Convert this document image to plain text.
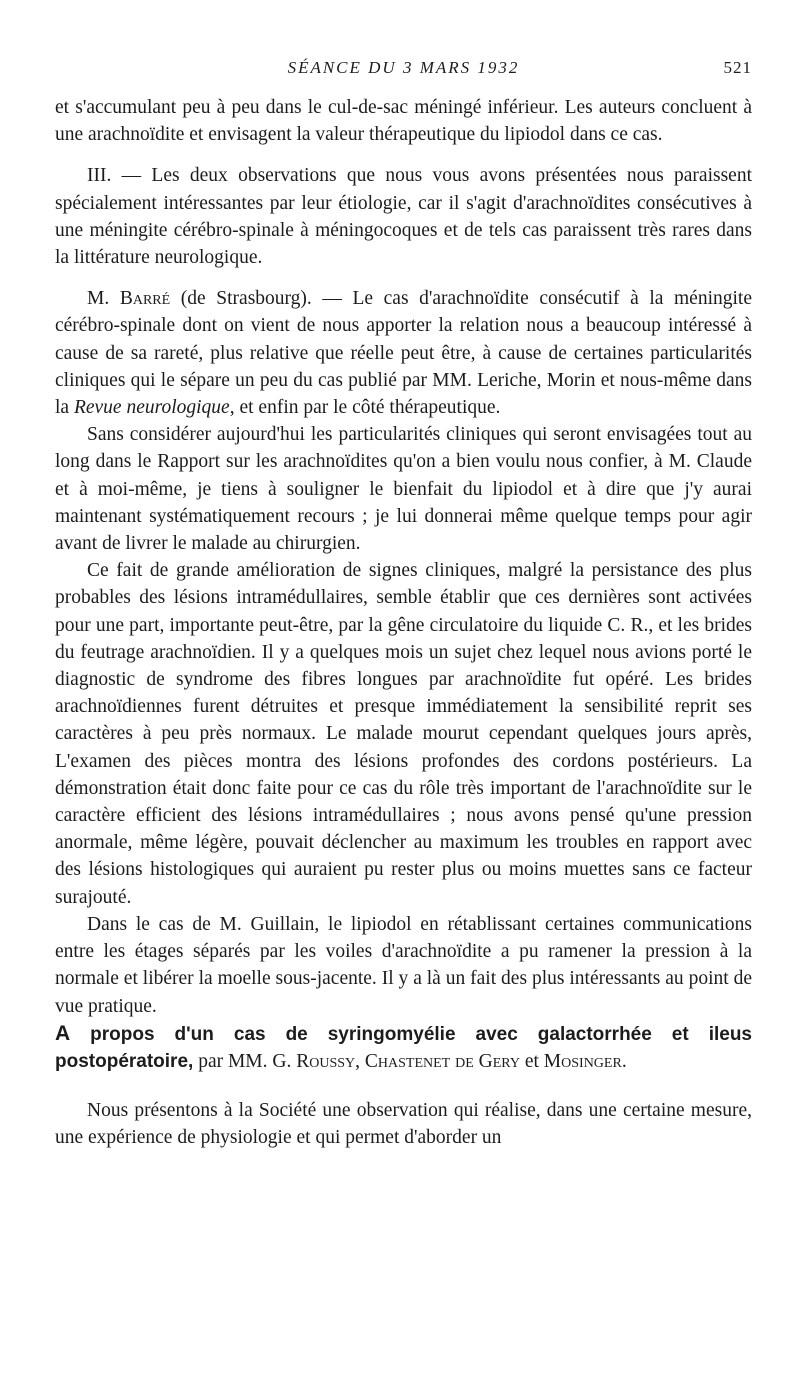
SÉANCE DU 3 MARS 1932	521

et s'accumulant peu à peu dans le cul-de-sac méningé inférieur. Les auteurs concluent à une arachnoïdite et envisagent la valeur thérapeutique du lipiodol dans ce cas.

III. — Les deux observations que nous vous avons présentées nous paraissent spécialement intéressantes par leur étiologie, car il s'agit d'arachnoïdites consécutives à une méningite cérébro-spinale à méningocoques et de tels cas paraissent très rares dans la littérature neurologique.

M. Barré (de Strasbourg). — Le cas d'arachnoïdite consécutif à la méningite cérébro-spinale dont on vient de nous apporter la relation nous a beaucoup intéressé à cause de sa rareté, plus relative que réelle peut être, à cause de certaines particularités cliniques qui le sépare un peu du cas publié par MM. Leriche, Morin et nous-même dans la Revue neurologique, et enfin par le côté thérapeutique.

Sans considérer aujourd'hui les particularités cliniques qui seront envisagées tout au long dans le Rapport sur les arachnoïdites qu'on a bien voulu nous confier, à M. Claude et à moi-même, je tiens à souligner le bienfait du lipiodol et à dire que j'y aurai maintenant systématiquement recours ; je lui donnerai même quelque temps pour agir avant de livrer le malade au chirurgien.

Ce fait de grande amélioration de signes cliniques, malgré la persistance des plus probables des lésions intramédullaires, semble établir que ces dernières sont activées pour une part, importante peut-être, par la gêne circulatoire du liquide C. R., et les brides du feutrage arachnoïdien. Il y a quelques mois un sujet chez lequel nous avions porté le diagnostic de syndrome des fibres longues par arachnoïdite fut opéré. Les brides arachnoïdiennes furent détruites et presque immédiatement la sensibilité reprit ses caractères à peu près normaux. Le malade mourut cependant quelques jours après, L'examen des pièces montra des lésions profondes des cordons postérieurs. La démonstration était donc faite pour ce cas du rôle très important de l'arachnoïdite sur le caractère efficient des lésions intramédullaires ; nous avons pensé qu'une pression anormale, même légère, pouvait déclencher au maximum les troubles en rapport avec des lésions histologiques qui auraient pu rester plus ou moins muettes sans ce facteur surajouté.

Dans le cas de M. Guillain, le lipiodol en rétablissant certaines communications entre les étages séparés par les voiles d'arachnoïdite a pu ramener la pression à la normale et libérer la moelle sous-jacente. Il y a là un fait des plus intéressants au point de vue pratique.

A propos d'un cas de syringomyélie avec galactorrhée et ileus postopératoire, par MM. G. Roussy, Chastenet de Gery et Mosinger.

Nous présentons à la Société une observation qui réalise, dans une certaine mesure, une expérience de physiologie et qui permet d'aborder un
